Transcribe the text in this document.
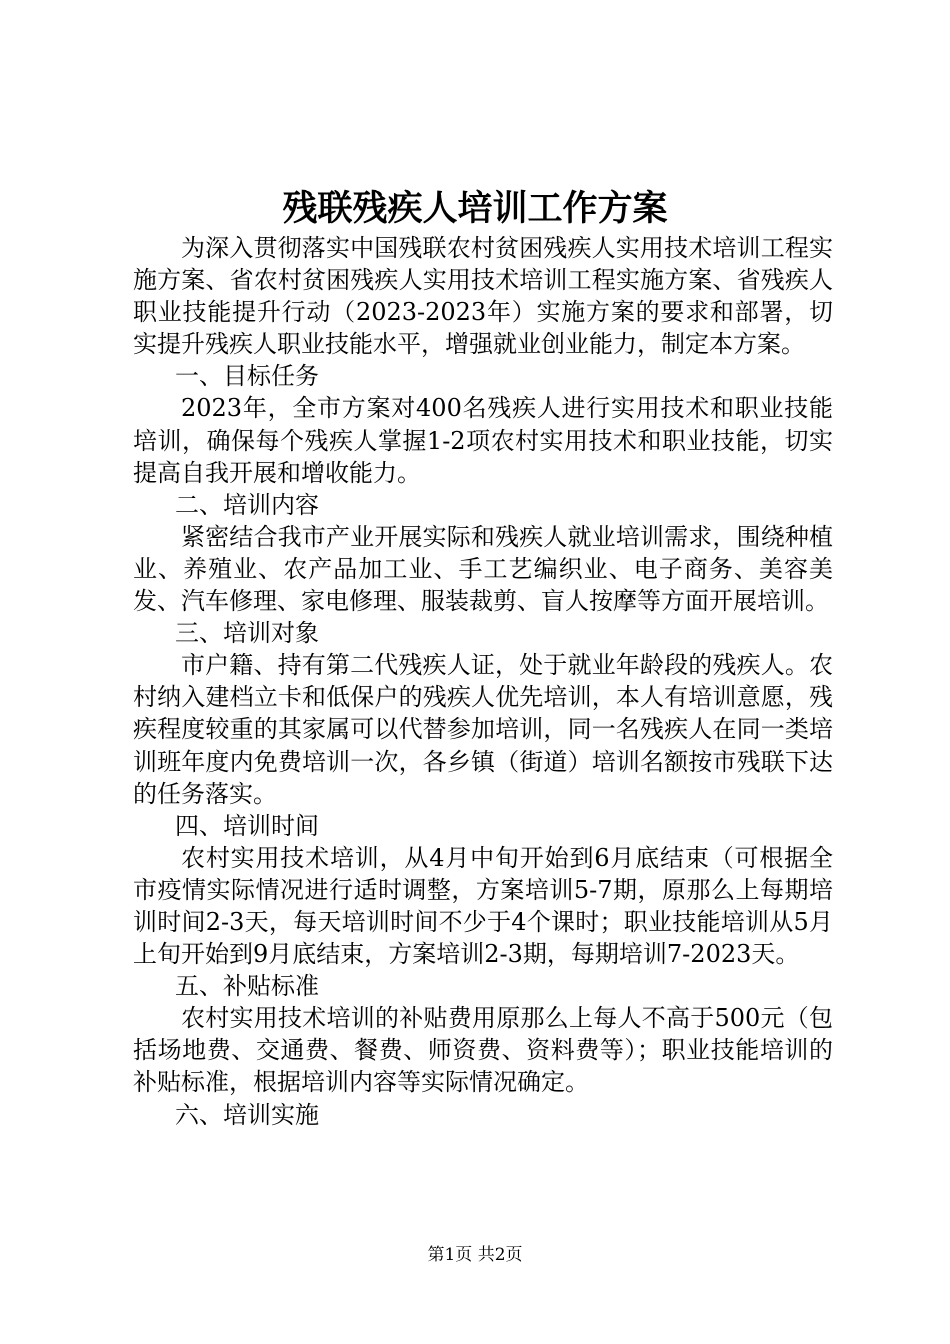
残联残疾人培训工作方案

为深入贯彻落实中国残联农村贫困残疾人实用技术培训工程实施方案、省农村贫困残疾人实用技术培训工程实施方案、省残疾人职业技能提升行动（2023-2023年）实施方案的要求和部署，切实提升残疾人职业技能水平，增强就业创业能力，制定本方案。

一、目标任务

2023年，全市方案对400名残疾人进行实用技术和职业技能培训，确保每个残疾人掌握1-2项农村实用技术和职业技能，切实提高自我开展和增收能力。

二、培训内容

紧密结合我市产业开展实际和残疾人就业培训需求，围绕种植业、养殖业、农产品加工业、手工艺编织业、电子商务、美容美发、汽车修理、家电修理、服装裁剪、盲人按摩等方面开展培训。

三、培训对象

市户籍、持有第二代残疾人证，处于就业年龄段的残疾人。农村纳入建档立卡和低保户的残疾人优先培训，本人有培训意愿，残疾程度较重的其家属可以代替参加培训，同一名残疾人在同一类培训班年度内免费培训一次，各乡镇（街道）培训名额按市残联下达的任务落实。

四、培训时间

农村实用技术培训，从4月中旬开始到6月底结束（可根据全市疫情实际情况进行适时调整，方案培训5-7期，原那么上每期培训时间2-3天，每天培训时间不少于4个课时；职业技能培训从5月上旬开始到9月底结束，方案培训2-3期，每期培训7-2023天。

五、补贴标准

农村实用技术培训的补贴费用原那么上每人不高于500元（包括场地费、交通费、餐费、师资费、资料费等）；职业技能培训的补贴标准，根据培训内容等实际情况确定。

六、培训实施

第1页 共2页
